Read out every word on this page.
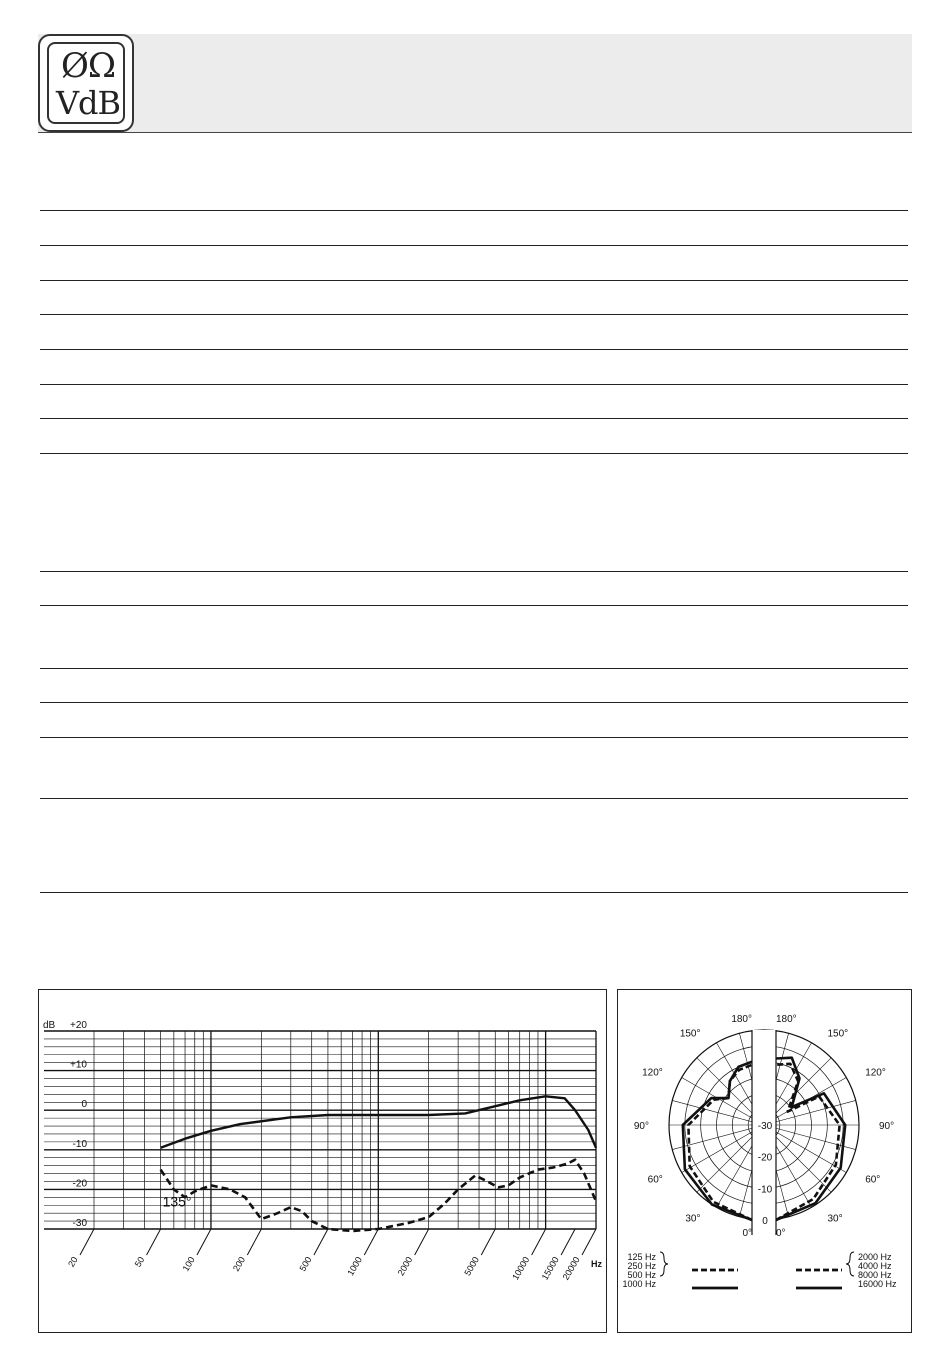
ØΩ
VdB
+20
+10
0
-10
-20
-30
dB
Hz
20	50	100	200	500	1000	2000	5000	10000 15000 20000
135°
180° 180°
150°	150°
120°	120°
90°	90°
60°	60°
30°	30°
0° 0°
-30
-20
-10
0
125 Hz
250 Hz
500 Hz
1000 Hz
2000 Hz
4000 Hz
8000 Hz
16000 Hz
